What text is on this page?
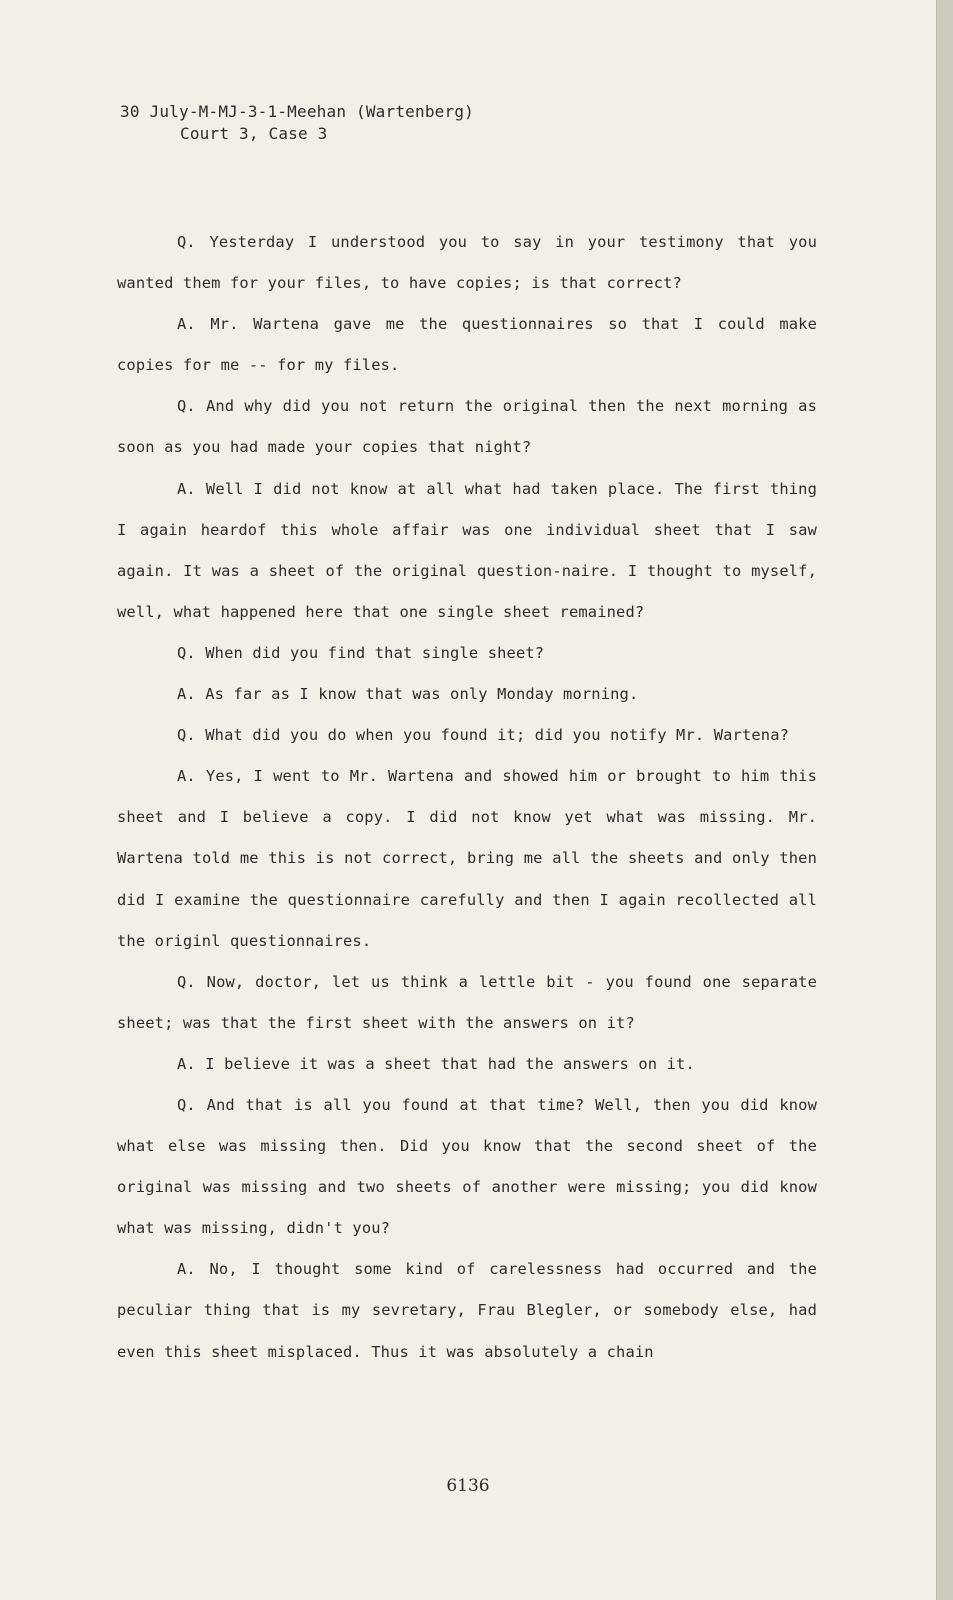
30 July-M-MJ-3-1-Meehan (Wartenberg)
Court 3, Case 3

Q. Yesterday I understood you to say in your testimony that you wanted them for your files, to have copies; is that correct?

A. Mr. Wartena gave me the questionnaires so that I could make copies for me -- for my files.

Q. And why did you not return the original then the next morning as soon as you had made your copies that night?

A. Well I did not know at all what had taken place. The first thing I again heardof this whole affair was one individual sheet that I saw again. It was a sheet of the original question-naire. I thought to myself, well, what happened here that one single sheet remained?

Q. When did you find that single sheet?

A. As far as I know that was only Monday morning.

Q. What did you do when you found it; did you notify Mr. Wartena?

A. Yes, I went to Mr. Wartena and showed him or brought to him this sheet and I believe a copy. I did not know yet what was missing. Mr. Wartena told me this is not correct, bring me all the sheets and only then did I examine the questionnaire carefully and then I again recollected all the originl questionnaires.

Q. Now, doctor, let us think a lettle bit - you found one separate sheet; was that the first sheet with the answers on it?

A. I believe it was a sheet that had the answers on it.

Q. And that is all you found at that time? Well, then you did know what else was missing then. Did you know that the second sheet of the original was missing and two sheets of another were missing; you did know what was missing, didn't you?

A. No, I thought some kind of carelessness had occurred and the peculiar thing that is my sevretary, Frau Blegler, or somebody else, had even this sheet misplaced. Thus it was absolutely a chain

6136
